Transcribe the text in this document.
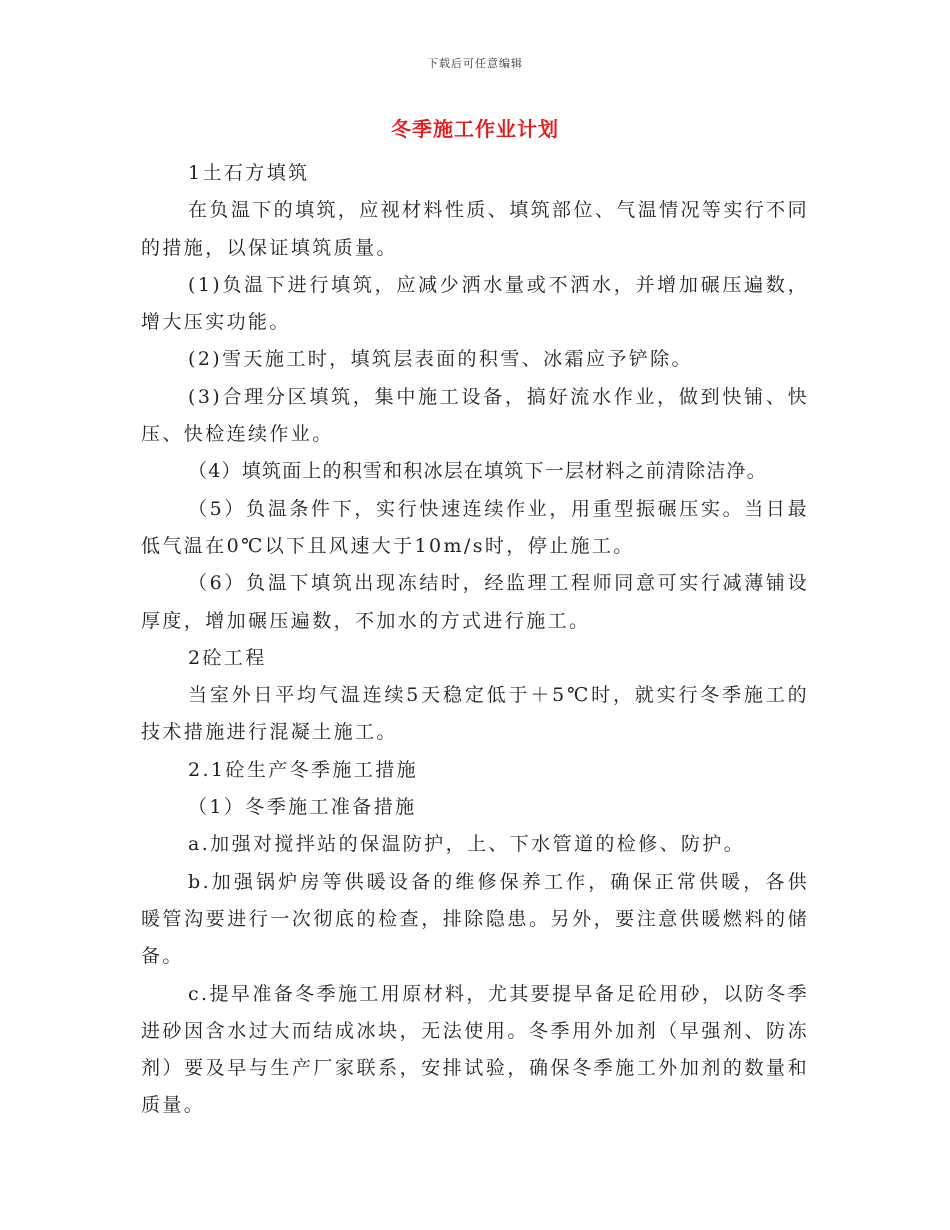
下载后可任意编辑
冬季施工作业计划

1土石方填筑

在负温下的填筑，应视材料性质、填筑部位、气温情况等实行不同的措施，以保证填筑质量。

(1)负温下进行填筑，应减少洒水量或不洒水，并增加碾压遍数，增大压实功能。

(2)雪天施工时，填筑层表面的积雪、冰霜应予铲除。

(3)合理分区填筑，集中施工设备，搞好流水作业，做到快铺、快压、快检连续作业。

（4）填筑面上的积雪和积冰层在填筑下一层材料之前清除洁净。

（5）负温条件下，实行快速连续作业，用重型振碾压实。当日最低气温在0℃以下且风速大于10m/s时，停止施工。

（6）负温下填筑出现冻结时，经监理工程师同意可实行减薄铺设厚度，增加碾压遍数，不加水的方式进行施工。

2砼工程

当室外日平均气温连续5天稳定低于＋5℃时，就实行冬季施工的技术措施进行混凝土施工。

2.1砼生产冬季施工措施

（1）冬季施工准备措施

a.加强对搅拌站的保温防护，上、下水管道的检修、防护。

b.加强锅炉房等供暖设备的维修保养工作，确保正常供暖，各供暖管沟要进行一次彻底的检查，排除隐患。另外，要注意供暖燃料的储备。

c.提早准备冬季施工用原材料，尤其要提早备足砼用砂，以防冬季进砂因含水过大而结成冰块，无法使用。冬季用外加剂（早强剂、防冻剂）要及早与生产厂家联系，安排试验，确保冬季施工外加剂的数量和质量。
